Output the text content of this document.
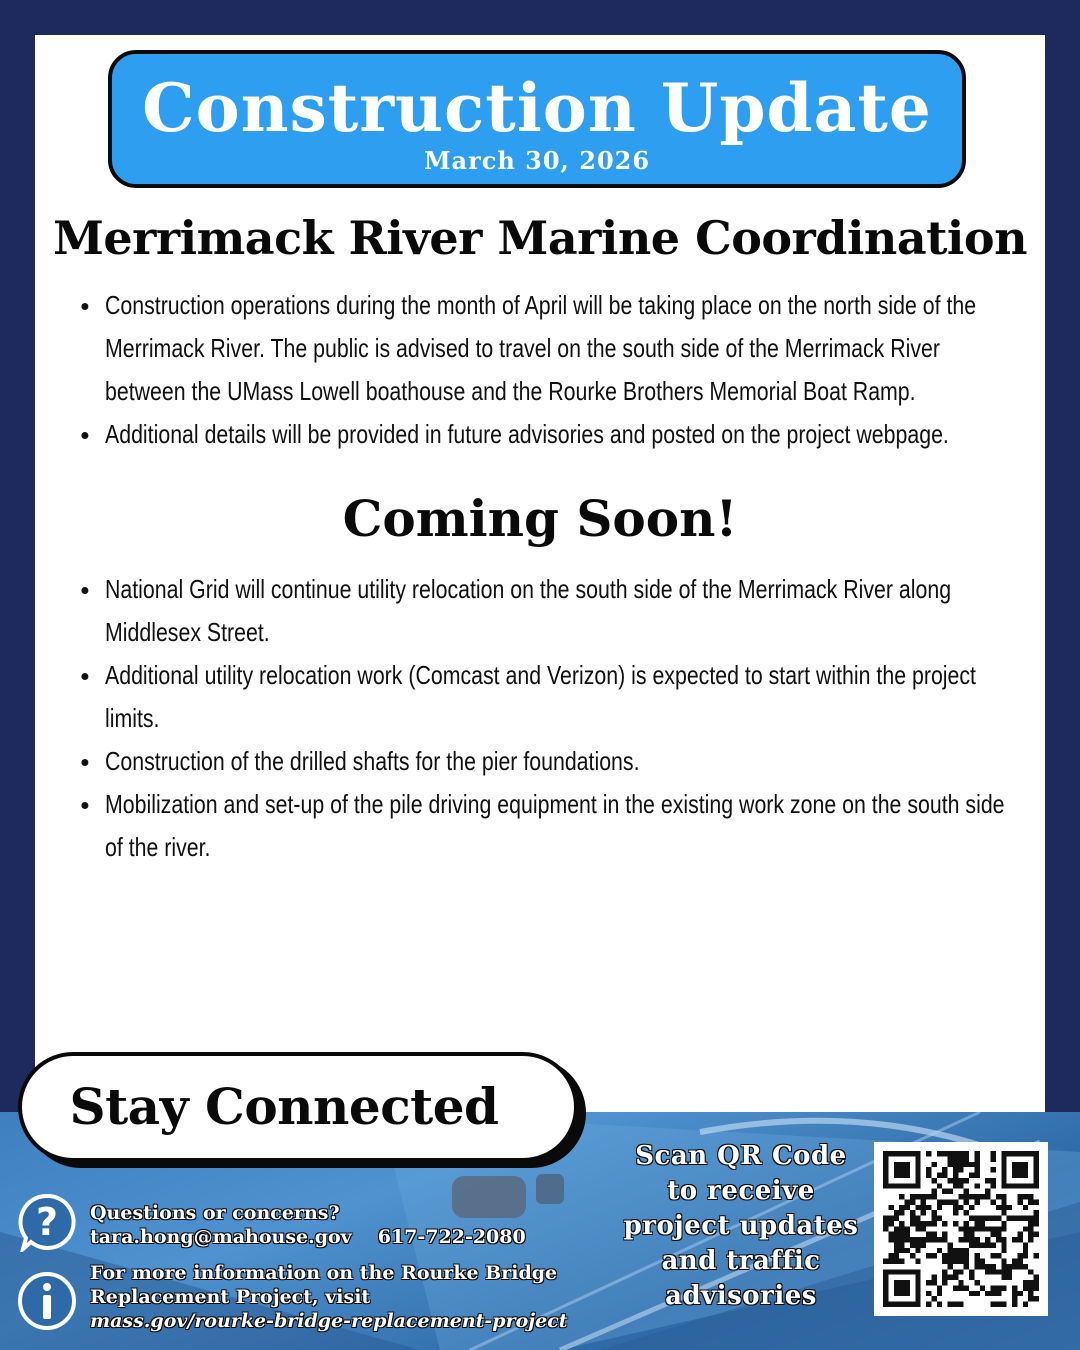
Construction Update
March 30, 2026
Merrimack River Marine Coordination
Construction operations during the month of April will be taking place on the north side of the Merrimack River. The public is advised to travel on the south side of the Merrimack River between the UMass Lowell boathouse and the Rourke Brothers Memorial Boat Ramp.
Additional details will be provided in future advisories and posted on the project webpage.
Coming Soon!
National Grid will continue utility relocation on the south side of the Merrimack River along Middlesex Street.
Additional utility relocation work (Comcast and Verizon) is expected to start within the project limits.
Construction of the drilled shafts for the pier foundations.
Mobilization and set-up of the pile driving equipment in the existing work zone on the south side of the river.
Stay Connected
? Questions or concerns?
tara.hong@mahouse.gov 617-722-2080
For more information on the Rourke Bridge
Replacement Project, visit
mass.gov/rourke-bridge-replacement-project
Scan QR Code
to receive
project updates
and traffic
advisories
